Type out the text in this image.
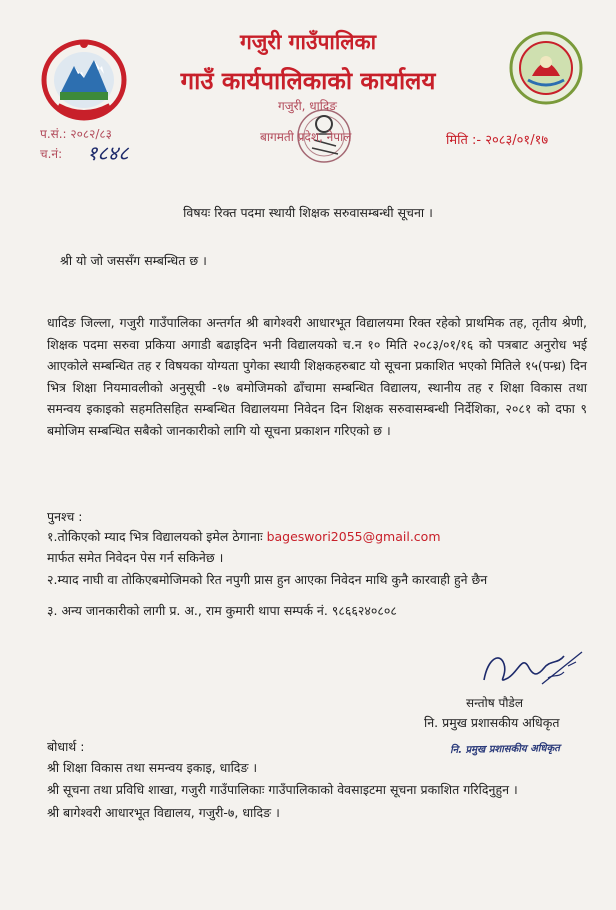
गजुरी गाउँपालिका
गाउँ कार्यपालिकाको कार्यालय
गजुरी, धादिङ
बागमती प्रदेश, नेपाल
प.सं.: २०८२/८३
च.नं: १८४८
मिति :- २०८३/०१/१७
विषयः रिक्त पदमा स्थायी शिक्षक सरुवासम्बन्धी सूचना ।
श्री यो जो जससँग सम्बन्धित छ ।
धादिङ जिल्ला, गजुरी गाउँपालिका अन्तर्गत श्री बागेश्वरी आधारभूत विद्यालयमा रिक्त रहेको प्राथमिक तह, तृतीय श्रेणी, शिक्षक पदमा सरुवा प्रकिया अगाडी बढाइदिन भनी विद्यालयको च.न १० मिति २०८३/०१/१६ को पत्रबाट अनुरोध भई आएकोले सम्बन्धित तह र विषयका योग्यता पुगेका स्थायी शिक्षकहरुबाट यो सूचना प्रकाशित भएको मितिले १५(पन्ध्र) दिन भित्र शिक्षा नियमावलीको अनुसूची -१७ बमोजिमको ढाँचामा सम्बन्धित विद्यालय, स्थानीय तह र शिक्षा विकास तथा समन्वय इकाइको सहमतिसहित सम्बन्धित विद्यालयमा निवेदन दिन शिक्षक सरुवासम्बन्धी निर्देशिका, २०८१ को दफा ९ बमोजिम सम्बन्धित सबैको जानकारीको लागि यो सूचना प्रकाशन गरिएको छ ।
पुनश्च :
१.तोकिएको म्याद भित्र विद्यालयको इमेल ठेगानाः bageswori2055@gmail.com
मार्फत समेत निवेदन पेस गर्न सकिनेछ ।
२.म्याद नाघी वा तोकिएबमोजिमको रित नपुगी प्रास हुन आएका निवेदन माथि कुनै कारवाही हुने छैन
३. अन्य जानकारीको लागी प्र. अ., राम कुमारी थापा सम्पर्क नं. ९८६६२४०८०८
सन्तोष पौडेल
नि. प्रमुख प्रशासकीय अधिकृत
नि. प्रमुख प्रशासकीय अधिकृत
बोधार्थ :
श्री शिक्षा विकास तथा समन्वय इकाइ, धादिङ ।
श्री सूचना तथा प्रविधि शाखा, गजुरी गाउँपालिकाः गाउँपालिकाको वेवसाइटमा सूचना प्रकाशित गरिदिनुहुन ।
श्री बागेश्वरी आधारभूत विद्यालय, गजुरी-७, धादिङ ।
